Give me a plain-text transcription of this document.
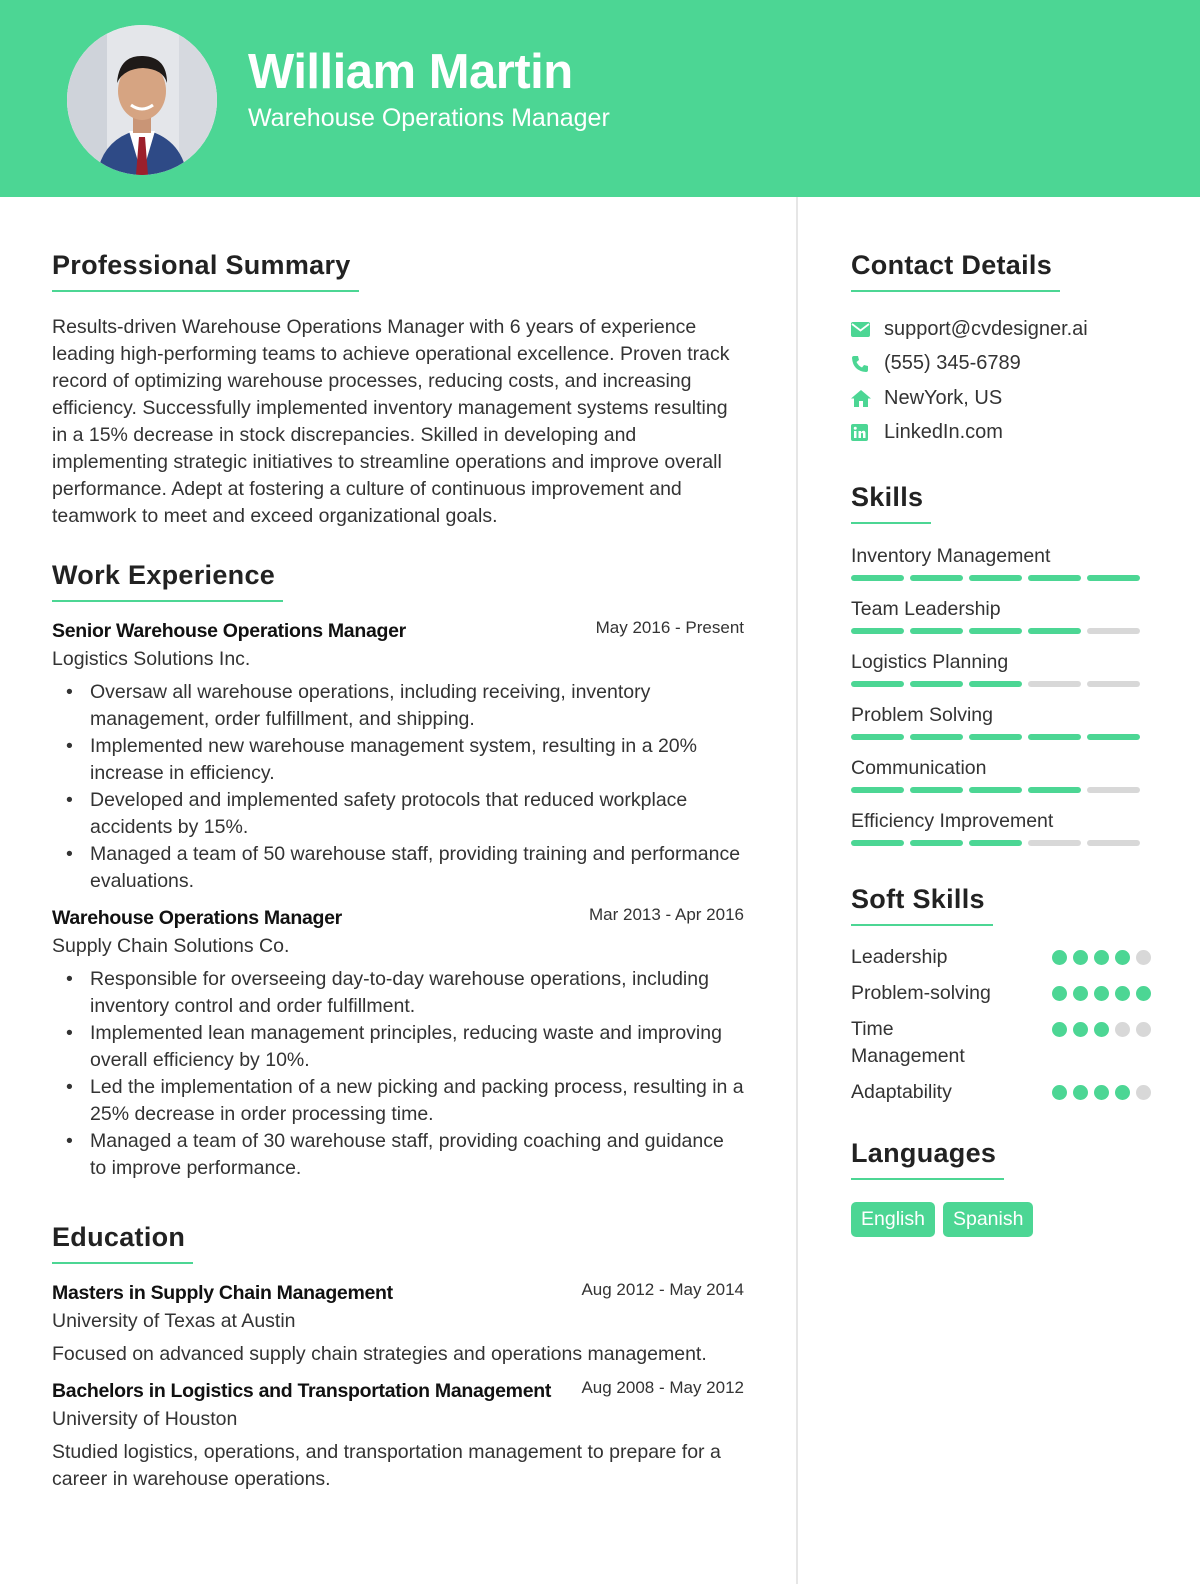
William Martin
Warehouse Operations Manager
Professional Summary

Results-driven Warehouse Operations Manager with 6 years of experience leading high-performing teams to achieve operational excellence. Proven track record of optimizing warehouse processes, reducing costs, and increasing efficiency. Successfully implemented inventory management systems resulting in a 15% decrease in stock discrepancies. Skilled in developing and implementing strategic initiatives to streamline operations and improve overall performance. Adept at fostering a culture of continuous improvement and teamwork to meet and exceed organizational goals.

Work Experience
Senior Warehouse Operations Manager	May 2016 - Present
Logistics Solutions Inc.
• Oversaw all warehouse operations, including receiving, inventory management, order fulfillment, and shipping.
• Implemented new warehouse management system, resulting in a 20% increase in efficiency.
• Developed and implemented safety protocols that reduced workplace accidents by 15%.
• Managed a team of 50 warehouse staff, providing training and performance evaluations.
Warehouse Operations Manager	Mar 2013 - Apr 2016
Supply Chain Solutions Co.
• Responsible for overseeing day-to-day warehouse operations, including inventory control and order fulfillment.
• Implemented lean management principles, reducing waste and improving overall efficiency by 10%.
• Led the implementation of a new picking and packing process, resulting in a 25% decrease in order processing time.
• Managed a team of 30 warehouse staff, providing coaching and guidance to improve performance.
Education
Masters in Supply Chain Management	Aug 2012 - May 2014
University of Texas at Austin

Focused on advanced supply chain strategies and operations management.

Bachelors in Logistics and Transportation Management	Aug 2008 - May 2012
University of Houston

Studied logistics, operations, and transportation management to prepare for a career in warehouse operations.

Contact Details
support@cvdesigner.ai
(555) 345-6789
NewYork, US
LinkedIn.com
Skills
Inventory Management
Team Leadership
Logistics Planning
Problem Solving
Communication
Efficiency Improvement
Soft Skills
Leadership
Problem-solving
Time Management
Adaptability
Languages
English	Spanish
